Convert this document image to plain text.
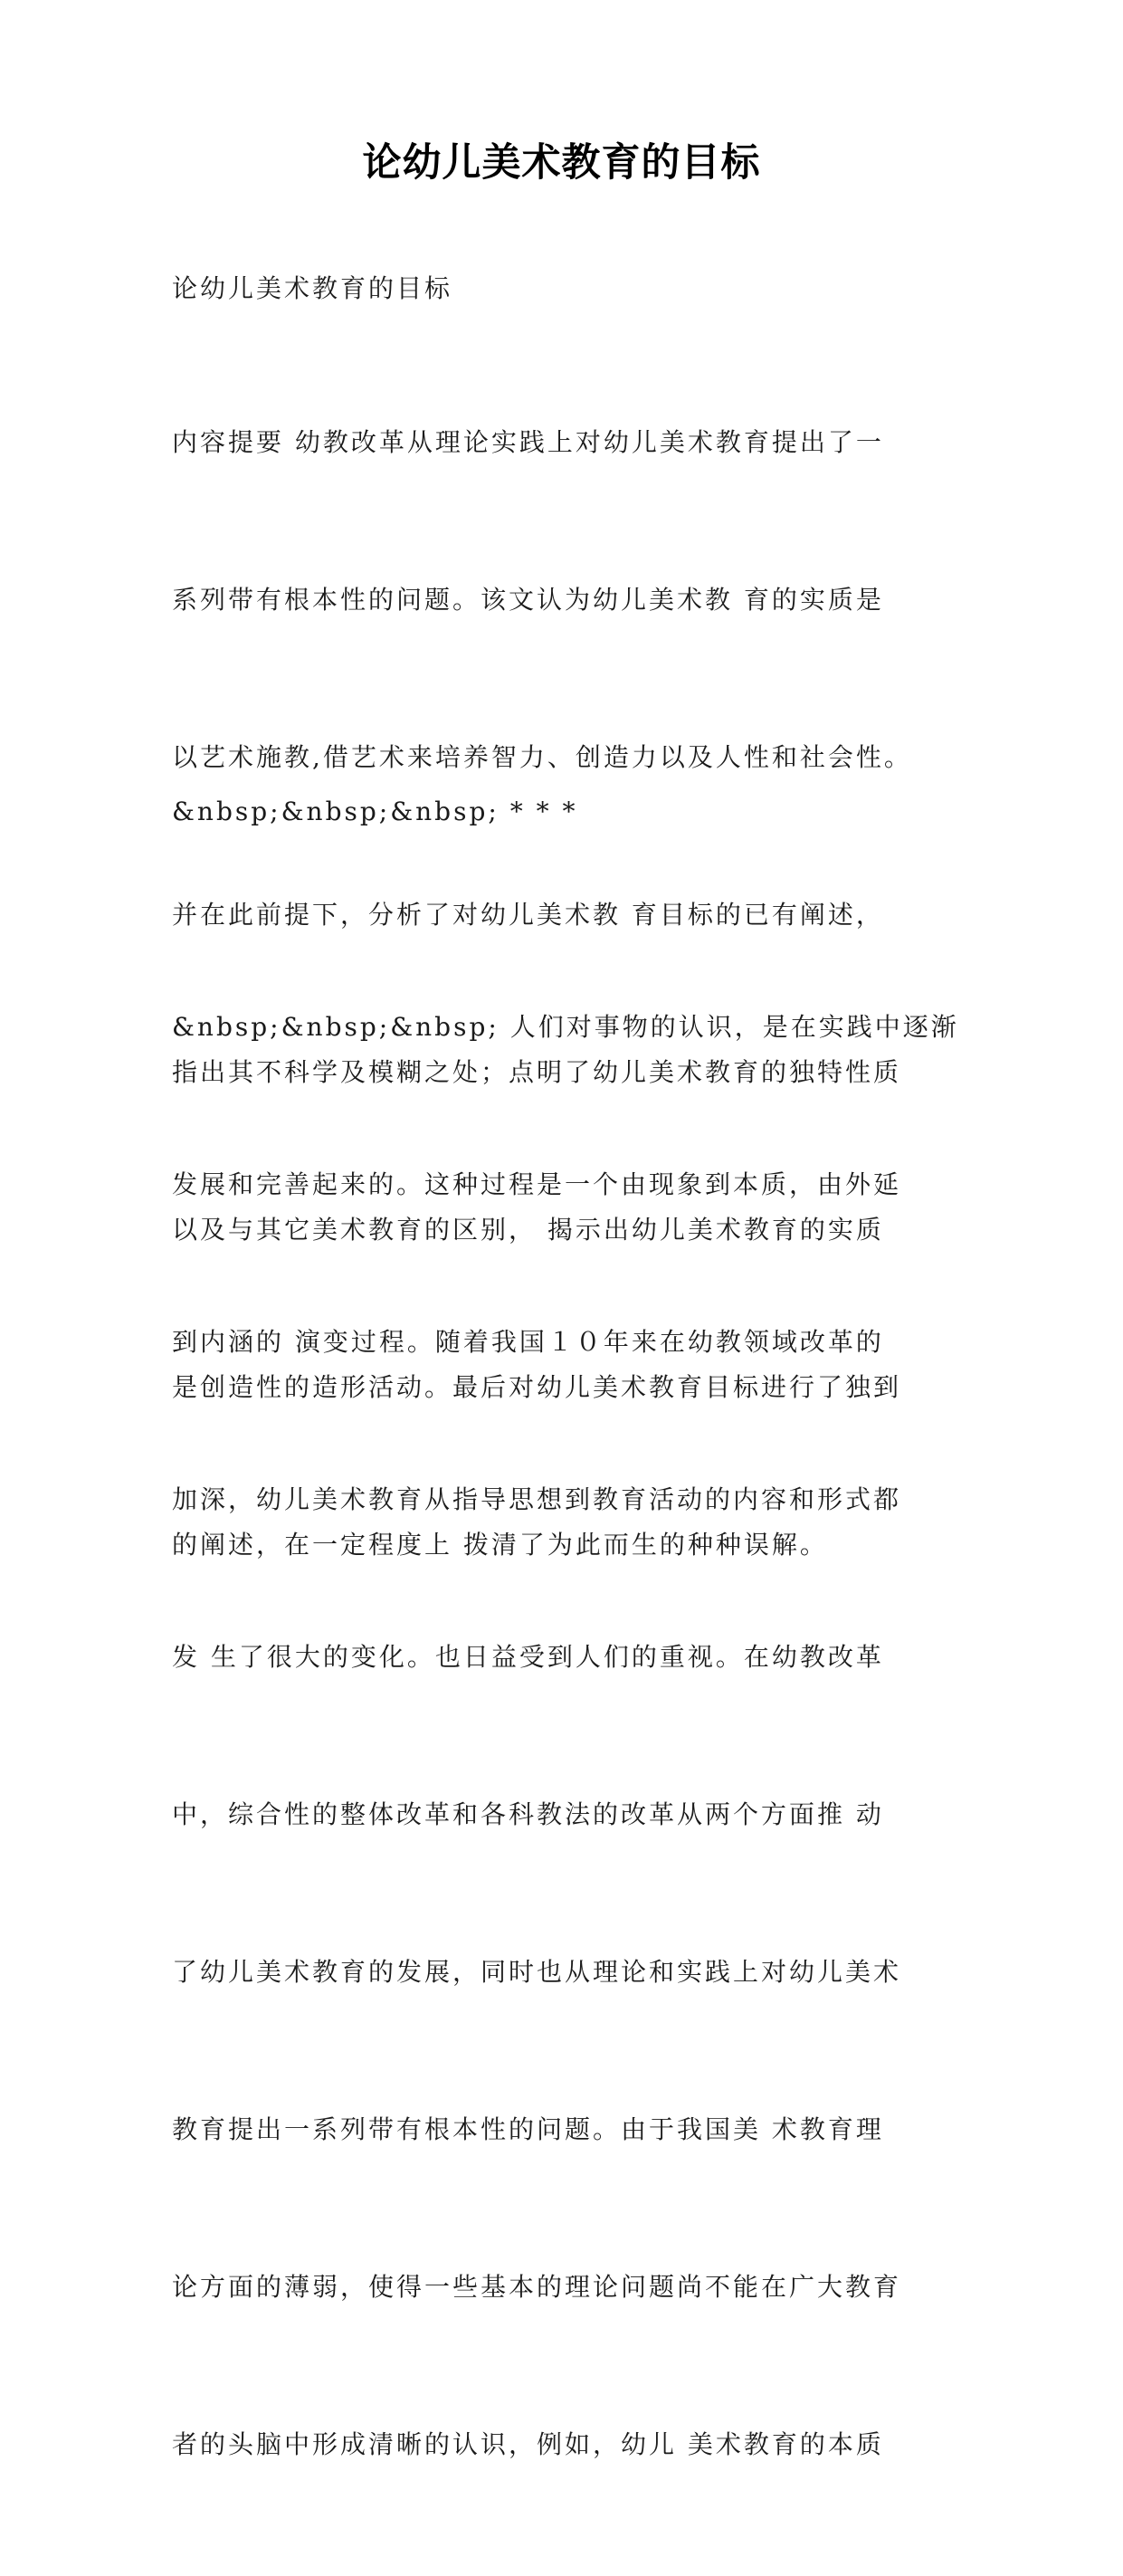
论幼儿美术教育的目标

论幼儿美术教育的目标

内容提要 幼教改革从理论实践上对幼儿美术教育提出了一

系列带有根本性的问题。该文认为幼儿美术教 育的实质是

以艺术施教,借艺术来培养智力、创造力以及人性和社会性。

并在此前提下，分析了对幼儿美术教 育目标的已有阐述，

指出其不科学及模糊之处；点明了幼儿美术教育的独特性质

以及与其它美术教育的区别， 揭示出幼儿美术教育的实质

是创造性的造形活动。最后对幼儿美术教育目标进行了独到

的阐述，在一定程度上 拨清了为此而生的种种误解。

&nbsp;&nbsp;&nbsp; * * *

&nbsp;&nbsp;&nbsp; 人们对事物的认识，是在实践中逐渐

发展和完善起来的。这种过程是一个由现象到本质，由外延

到内涵的 演变过程。随着我国１０年来在幼教领域改革的

加深，幼儿美术教育从指导思想到教育活动的内容和形式都

发 生了很大的变化。也日益受到人们的重视。在幼教改革

中，综合性的整体改革和各科教法的改革从两个方面推 动

了幼儿美术教育的发展，同时也从理论和实践上对幼儿美术

教育提出一系列带有根本性的问题。由于我国美 术教育理

论方面的薄弱，使得一些基本的理论问题尚不能在广大教育

者的头脑中形成清晰的认识，例如，幼儿 美术教育的本质
